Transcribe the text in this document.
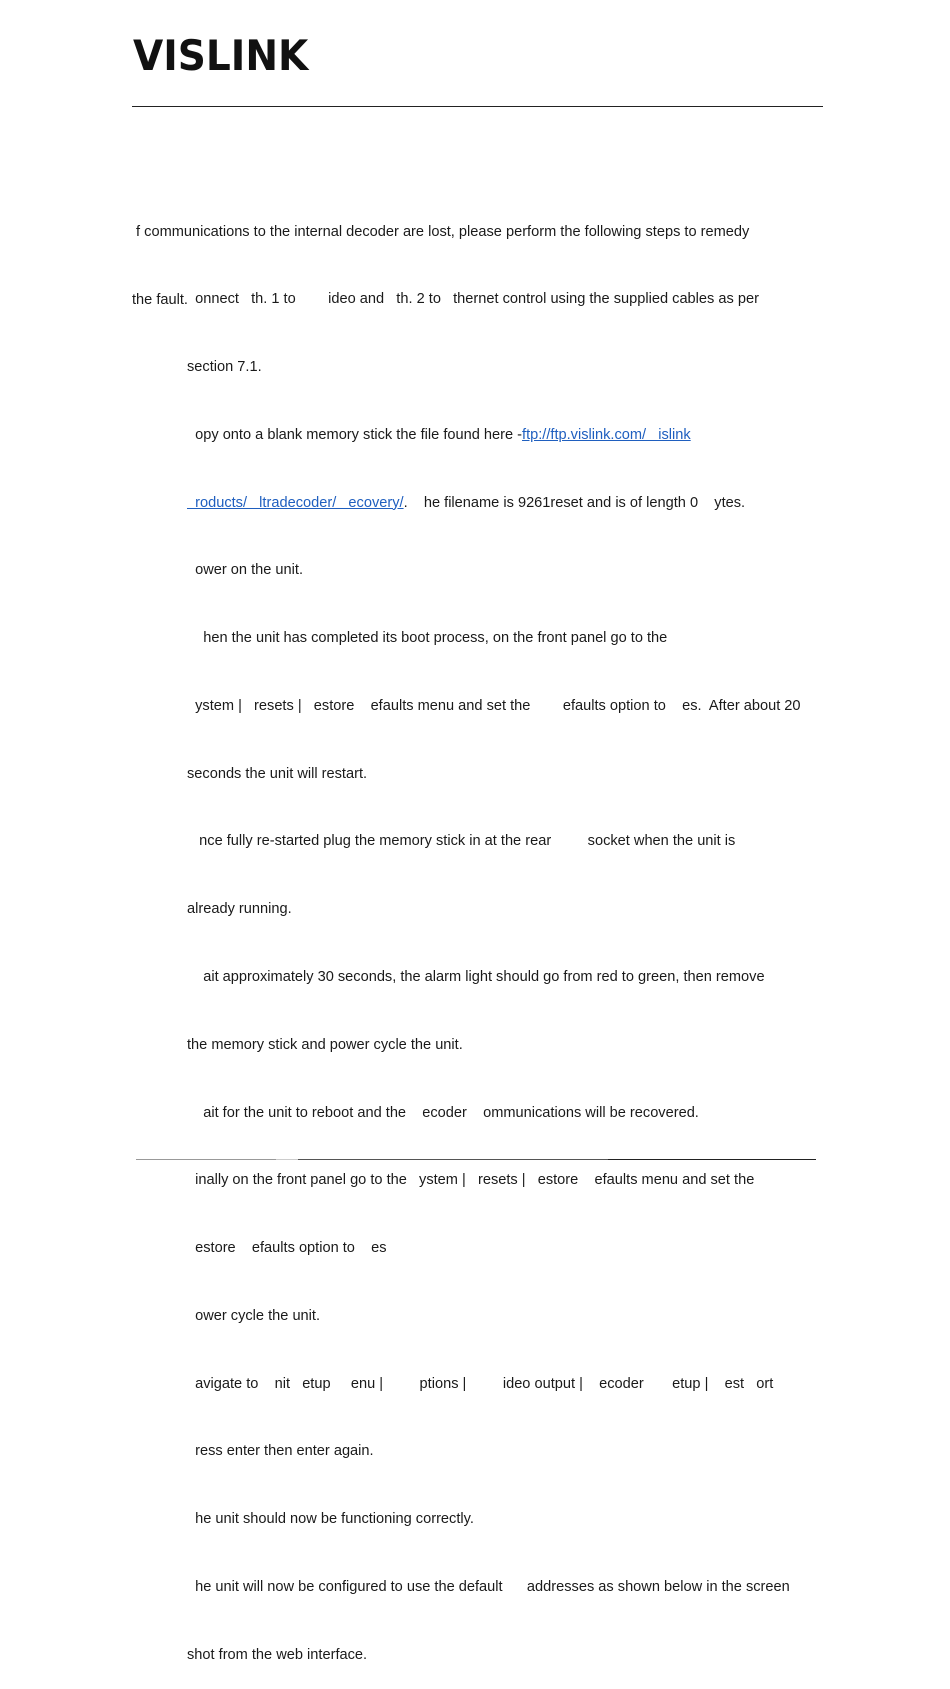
VISLINK

f communications to the internal decoder are lost, please perform the following steps to remedy

the fault.

onnect   th. 1 to        ideo and   th. 2 to   thernet control using the supplied cables as per

section 7.1.

opy onto a blank memory stick the file found here -ftp://ftp.vislink.com/   islink

roducts/   ltradecoder/   ecovery/.    he filename is 9261reset and is of length 0    ytes.

ower on the unit.

hen the unit has completed its boot process, on the front panel go to the

ystem |   resets |   estore    efaults menu and set the        efaults option to    es.  After about 20

seconds the unit will restart.

nce fully re-started plug the memory stick in at the rear         socket when the unit is

already running.

ait approximately 30 seconds, the alarm light should go from red to green, then remove

the memory stick and power cycle the unit.

ait for the unit to reboot and the    ecoder    ommunications will be recovered.

inally on the front panel go to the   ystem |   resets |   estore    efaults menu and set the

estore    efaults option to    es

ower cycle the unit.

avigate to    nit   etup     enu |         ptions |         ideo output |    ecoder       etup |    est   ort

ress enter then enter again.

he unit should now be functioning correctly.

he unit will now be configured to use the default      addresses as shown below in the screen

shot from the web interface.
